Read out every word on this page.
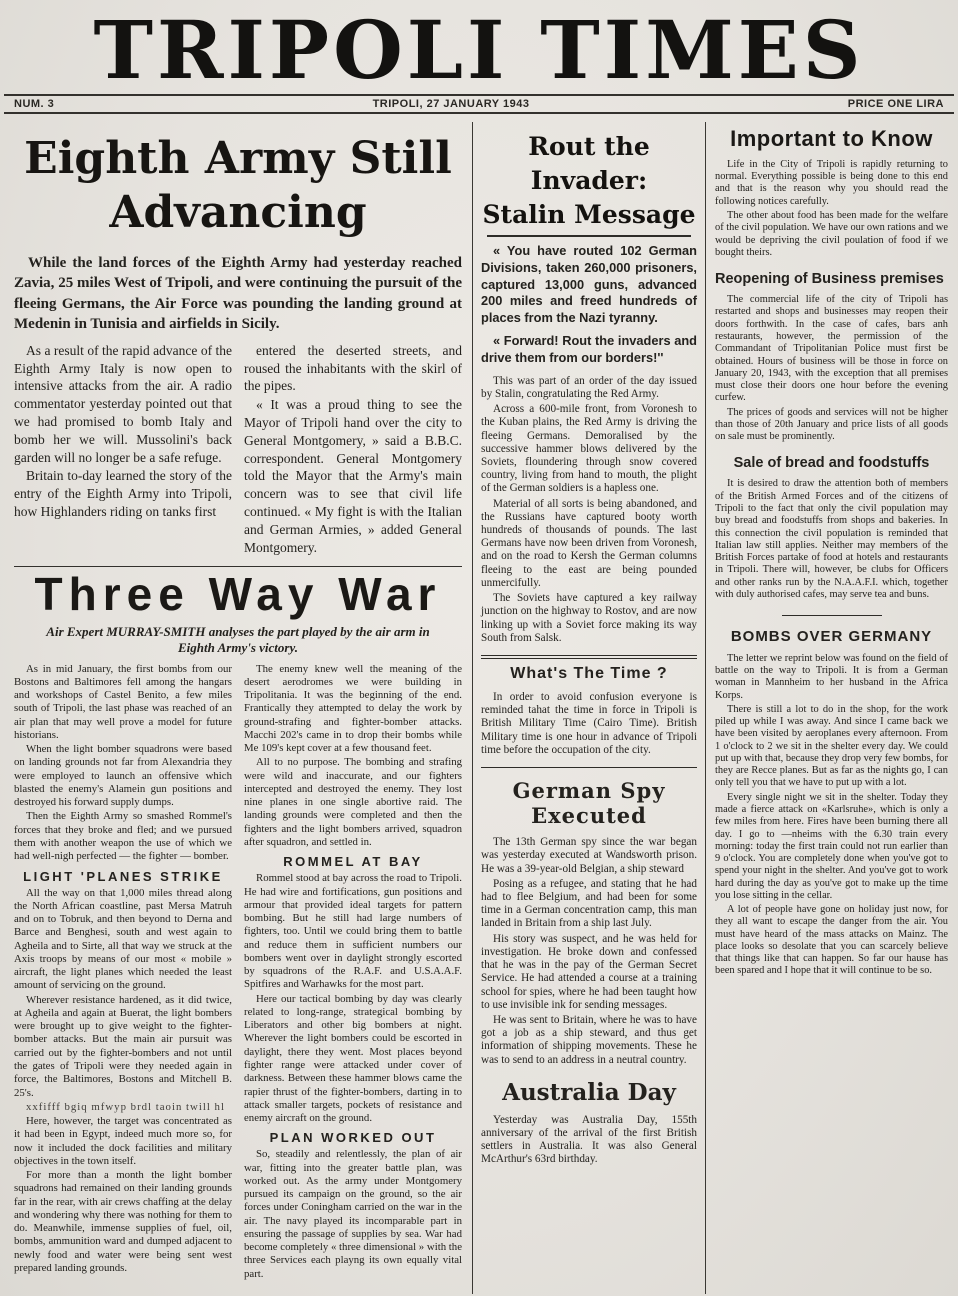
TRIPOLI TIMES
NUM. 3	TRIPOLI, 27 JANUARY 1943	PRICE ONE LIRA
Eighth Army Still
Advancing

While the land forces of the Eighth Army had yesterday reached Zavia, 25 miles West of Tripoli, and were continuing the pursuit of the fleeing Germans, the Air Force was pounding the landing ground at Medenin in Tunisia and airfields in Sicily.

As a result of the rapid advance of the Eighth Army Italy is now open to intensive attacks from the air. A radio commentator yesterday pointed out that we had promised to bomb Italy and bomb her we will. Mussolini's back garden will no longer be a safe refuge.

Britain to-day learned the story of the entry of the Eighth Army into Tripoli, how Highlanders riding on tanks first

entered the deserted streets, and roused the inhabitants with the skirl of the pipes.

« It was a proud thing to see the Mayor of Tripoli hand over the city to General Montgomery, » said a B.B.C. correspondent. General Montgomery told the Mayor that the Army's main concern was to see that civil life continued. « My fight is with the Italian and German Armies, » added General Montgomery.

Three Way War
Air Expert MURRAY-SMITH analyses the part played by the air arm in Eighth Army's victory.

As in mid January, the first bombs from our Bostons and Baltimores fell among the hangars and workshops of Castel Benito, a few miles south of Tripoli, the last phase was reached of an air plan that may well prove a model for future historians.

When the light bomber squadrons were based on landing grounds not far from Alexandria they were employed to launch an offensive which blasted the enemy's Alamein gun positions and destroyed his forward supply dumps.

Then the Eighth Army so smashed Rommel's forces that they broke and fled; and we pursued them with another weapon the use of which we had well-nigh perfected — the fighter — bomber.

LIGHT 'PLANES STRIKE

All the way on that 1,000 miles thread along the North African coastline, past Mersa Matruh and on to Tobruk, and then beyond to Derna and Barce and Benghesi, south and west again to Agheila and to Sirte, all that way we struck at the Axis troops by means of our most « mobile » aircraft, the light planes which needed the least amount of servicing on the ground.

Wherever resistance hardened, as it did twice, at Agheila and again at Buerat, the light bombers were brought up to give weight to the fighter-bomber attacks. But the main air pursuit was carried out by the fighter-bombers and not until the gates of Tripoli were they needed again in force, the Baltimores, Bostons and Mitchell B. 25's.

xxfifff bgiq mfwyp brdl taoin twill hl

Here, however, the target was concentrated as it had been in Egypt, indeed much more so, for now it included the dock facilities and military objectives in the town itself.

For more than a month the light bomber squadrons had remained on their landing grounds far in the rear, with air crews chaffing at the delay and wondering why there was nothing for them to do. Meanwhile, immense supplies of fuel, oil, bombs, ammunition ward and dumped adjacent to newly food and water were being sent west prepared landing grounds.

The enemy knew well the meaning of the desert aerodromes we were building in Tripolitania. It was the beginning of the end. Frantically they attempted to delay the work by ground-strafing and fighter-bomber attacks. Macchi 202's came in to drop their bombs while Me 109's kept cover at a few thousand feet.

All to no purpose. The bombing and strafing were wild and inaccurate, and our fighters intercepted and destroyed the enemy. They lost nine planes in one single abortive raid. The landing grounds were completed and then the fighters and the light bombers arrived, squadron after squadron, and settled in.

ROMMEL AT BAY

Rommel stood at bay across the road to Tripoli. He had wire and fortifications, gun positions and armour that provided ideal targets for pattern bombing. But he still had large numbers of fighters, too. Until we could bring them to battle and reduce them in sufficient numbers our bombers went over in daylight strongly escorted by squadrons of the R.A.F. and U.S.A.A.F. Spitfires and Warhawks for the most part.

Here our tactical bombing by day was clearly related to long-range, strategical bombing by Liberators and other big bombers at night. Wherever the light bombers could be escorted in daylight, there they went. Most places beyond fighter range were attacked under cover of darkness. Between these hammer blows came the rapier thrust of the fighter-bombers, darting in to attack smaller targets, pockets of resistance and enemy aircraft on the ground.

PLAN WORKED OUT

So, steadily and relentlessly, the plan of air war, fitting into the greater battle plan, was worked out. As the army under Montgomery pursued its campaign on the ground, so the air forces under Coningham carried on the war in the air. The navy played its incomparable part in ensuring the passage of supplies by sea. War had become completely « three dimensional » with the three Services each playng its own equally vital part.

Rout the Invader:
Stalin Message

« You have routed 102 German Divisions, taken 260,000 prisoners, captured 13,000 guns, advanced 200 miles and freed hundreds of places from the Nazi tyranny.

« Forward! Rout the invaders and drive them from our borders!''

This was part of an order of the day issued by Stalin, congratulating the Red Army.

Across a 600-mile front, from Voronesh to the Kuban plains, the Red Army is driving the fleeing Germans. Demoralised by the successive hammer blows delivered by the Soviets, floundering through snow covered country, living from hand to mouth, the plight of the German soldiers is a hapless one.

Material of all sorts is being abandoned, and the Russians have captured booty worth hundreds of thousands of pounds. The last Germans have now been driven from Voronesh, and on the road to Kersh the German columns fleeing to the east are being pounded unmercifully.

The Soviets have captured a key railway junction on the highway to Rostov, and are now linking up with a Soviet force making its way South from Salsk.

What's The Time ?

In order to avoid confusion everyone is reminded tahat the time in force in Tripoli is British Military Time (Cairo Time). British Military time is one hour in advance of Tripoli time before the occupation of the city.

German Spy Executed

The 13th German spy since the war began was yesterday executed at Wandsworth prison. He was a 39-year-old Belgian, a ship steward

Posing as a refugee, and stating that he had had to flee Belgium, and had been for some time in a German concentration camp, this man landed in Britain from a ship last July.

His story was suspect, and he was held for investigation. He broke down and confessed that he was in the pay of the German Secret Service. He had attended a course at a training school for spies, where he had been taught how to use invisible ink for sending messages.

He was sent to Britain, where he was to have got a job as a ship steward, and thus get information of shipping movements. These he was to send to an address in a neutral country.

Australia Day

Yesterday was Australia Day, 155th anniversary of the arrival of the first British settlers in Australia. It was also General McArthur's 63rd birthday.

Important to Know

Life in the City of Tripoli is rapidly returning to normal. Everything possible is being done to this end and that is the reason why you should read the following notices carefully.

The other about food has been made for the welfare of the civil population. We have our own rations and we would be depriving the civil poulation of food if we bought theirs.

Reopening of Business premises

The commercial life of the city of Tripoli has restarted and shops and businesses may reopen their doors forthwith. In the case of cafes, bars anh restaurants, however, the permission of the Commandant of Tripolitanian Police must first be obtained. Hours of business will be those in force on January 20, 1943, with the exception that all premises must close their doors one hour before the evening curfew.

The prices of goods and services will not be higher than those of 20th January and price lists of all goods on sale must be prominently.

Sale of bread and foodstuffs

It is desired to draw the attention both of members of the British Armed Forces and of the citizens of Tripoli to the fact that only the civil population may buy bread and foodstuffs from shops and bakeries. In this connection the civil population is reminded that Italian law still applies. Neither may members of the British Forces partake of food at hotels and restaurants in Tripoli. There will, however, be clubs for Officers and other ranks run by the N.A.A.F.I. which, together with duly authorised cafes, may serve tea and buns.

BOMBS OVER GERMANY

The letter we reprint below was found on the field of battle on the way to Tripoli. It is from a German woman in Mannheim to her husband in the Africa Korps.

There is still a lot to do in the shop, for the work piled up while I was away. And since I came back we have been visited by aeroplanes every afternoon. From 1 o'clock to 2 we sit in the shelter every day. We could put up with that, because they drop very few bombs, for they are Recce planes. But as far as the nights go, I can only tell you that we have to put up with a lot.

Every single night we sit in the shelter. Today they made a fierce attack on «Karlsruhe», which is only a few miles from here. Fires have been burning there all day. I go to —nheims with the 6.30 train every morning: today the first train could not run earlier than 9 o'clock. You are completely done when you've got to spend your night in the shelter. And you've got to work hard during the day as you've got to make up the time you lose sitting in the cellar.

A lot of people have gone on holiday just now, for they all want to escape the danger from the air. You must have heard of the mass attacks on Mainz. The place looks so desolate that you can scarcely believe that things like that can happen. So far our hause has been spared and I hope that it will continue to be so.
